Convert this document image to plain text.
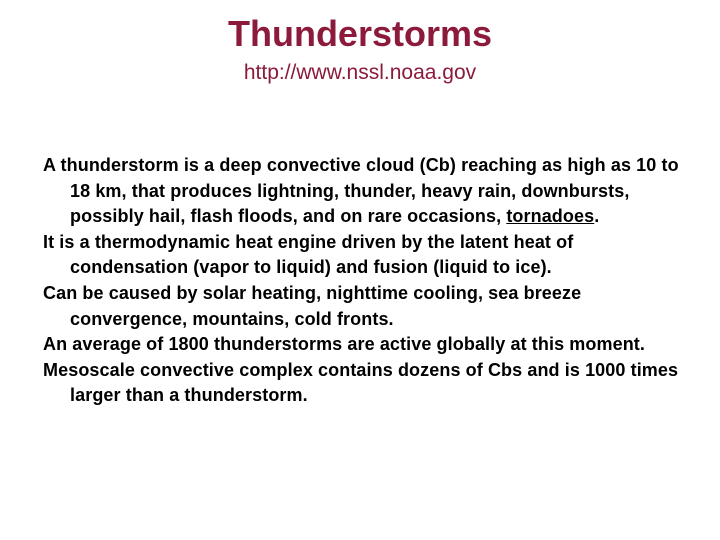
Thunderstorms
http://www.nssl.noaa.gov

A thunderstorm is a deep convective cloud (Cb) reaching as high as 10 to 18 km, that produces lightning, thunder, heavy rain, downbursts, possibly hail, flash floods, and on rare occasions, tornadoes.

It is a thermodynamic heat engine driven by the latent heat of condensation (vapor to liquid) and fusion (liquid to ice).

Can be caused by solar heating, nighttime cooling, sea breeze convergence, mountains, cold fronts.

An average of 1800 thunderstorms are active globally at this moment.

Mesoscale convective complex contains dozens of Cbs and is 1000 times larger than a thunderstorm.
